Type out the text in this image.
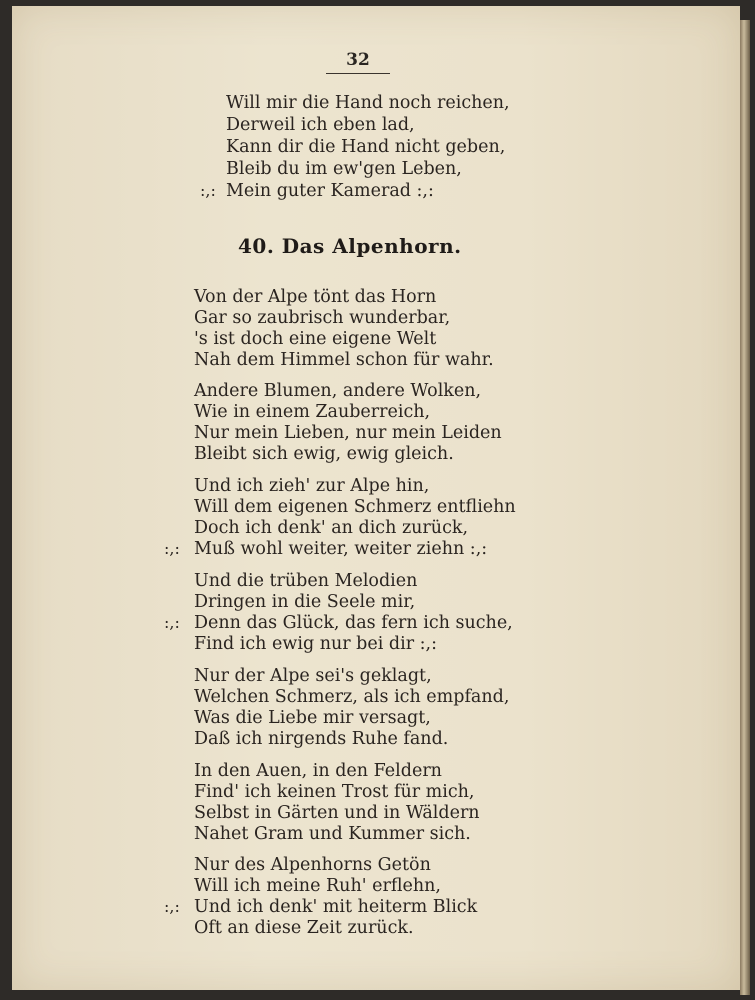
32
Will mir die Hand noch reichen,
Derweil ich eben lad,
Kann dir die Hand nicht geben,
Bleib du im ew'gen Leben,
:,: Mein guter Kamerad :,:
40. Das Alpenhorn.
Von der Alpe tönt das Horn
Gar so zaubrisch wunderbar,
's ist doch eine eigene Welt
Nah dem Himmel schon für wahr.
Andere Blumen, andere Wolken,
Wie in einem Zauberreich,
Nur mein Lieben, nur mein Leiden
Bleibt sich ewig, ewig gleich.
Und ich zieh' zur Alpe hin,
Will dem eigenen Schmerz entfliehn
Doch ich denk' an dich zurück,
:,: Muß wohl weiter, weiter ziehn :,:
Und die trüben Melodien
Dringen in die Seele mir,
:,: Denn das Glück, das fern ich suche,
Find ich ewig nur bei dir :,:
Nur der Alpe sei's geklagt,
Welchen Schmerz, als ich empfand,
Was die Liebe mir versagt,
Daß ich nirgends Ruhe fand.
In den Auen, in den Feldern
Find' ich keinen Trost für mich,
Selbst in Gärten und in Wäldern
Nahet Gram und Kummer sich.
Nur des Alpenhorns Getön
Will ich meine Ruh' erflehn,
:,: Und ich denk' mit heiterm Blick
Oft an diese Zeit zurück.
